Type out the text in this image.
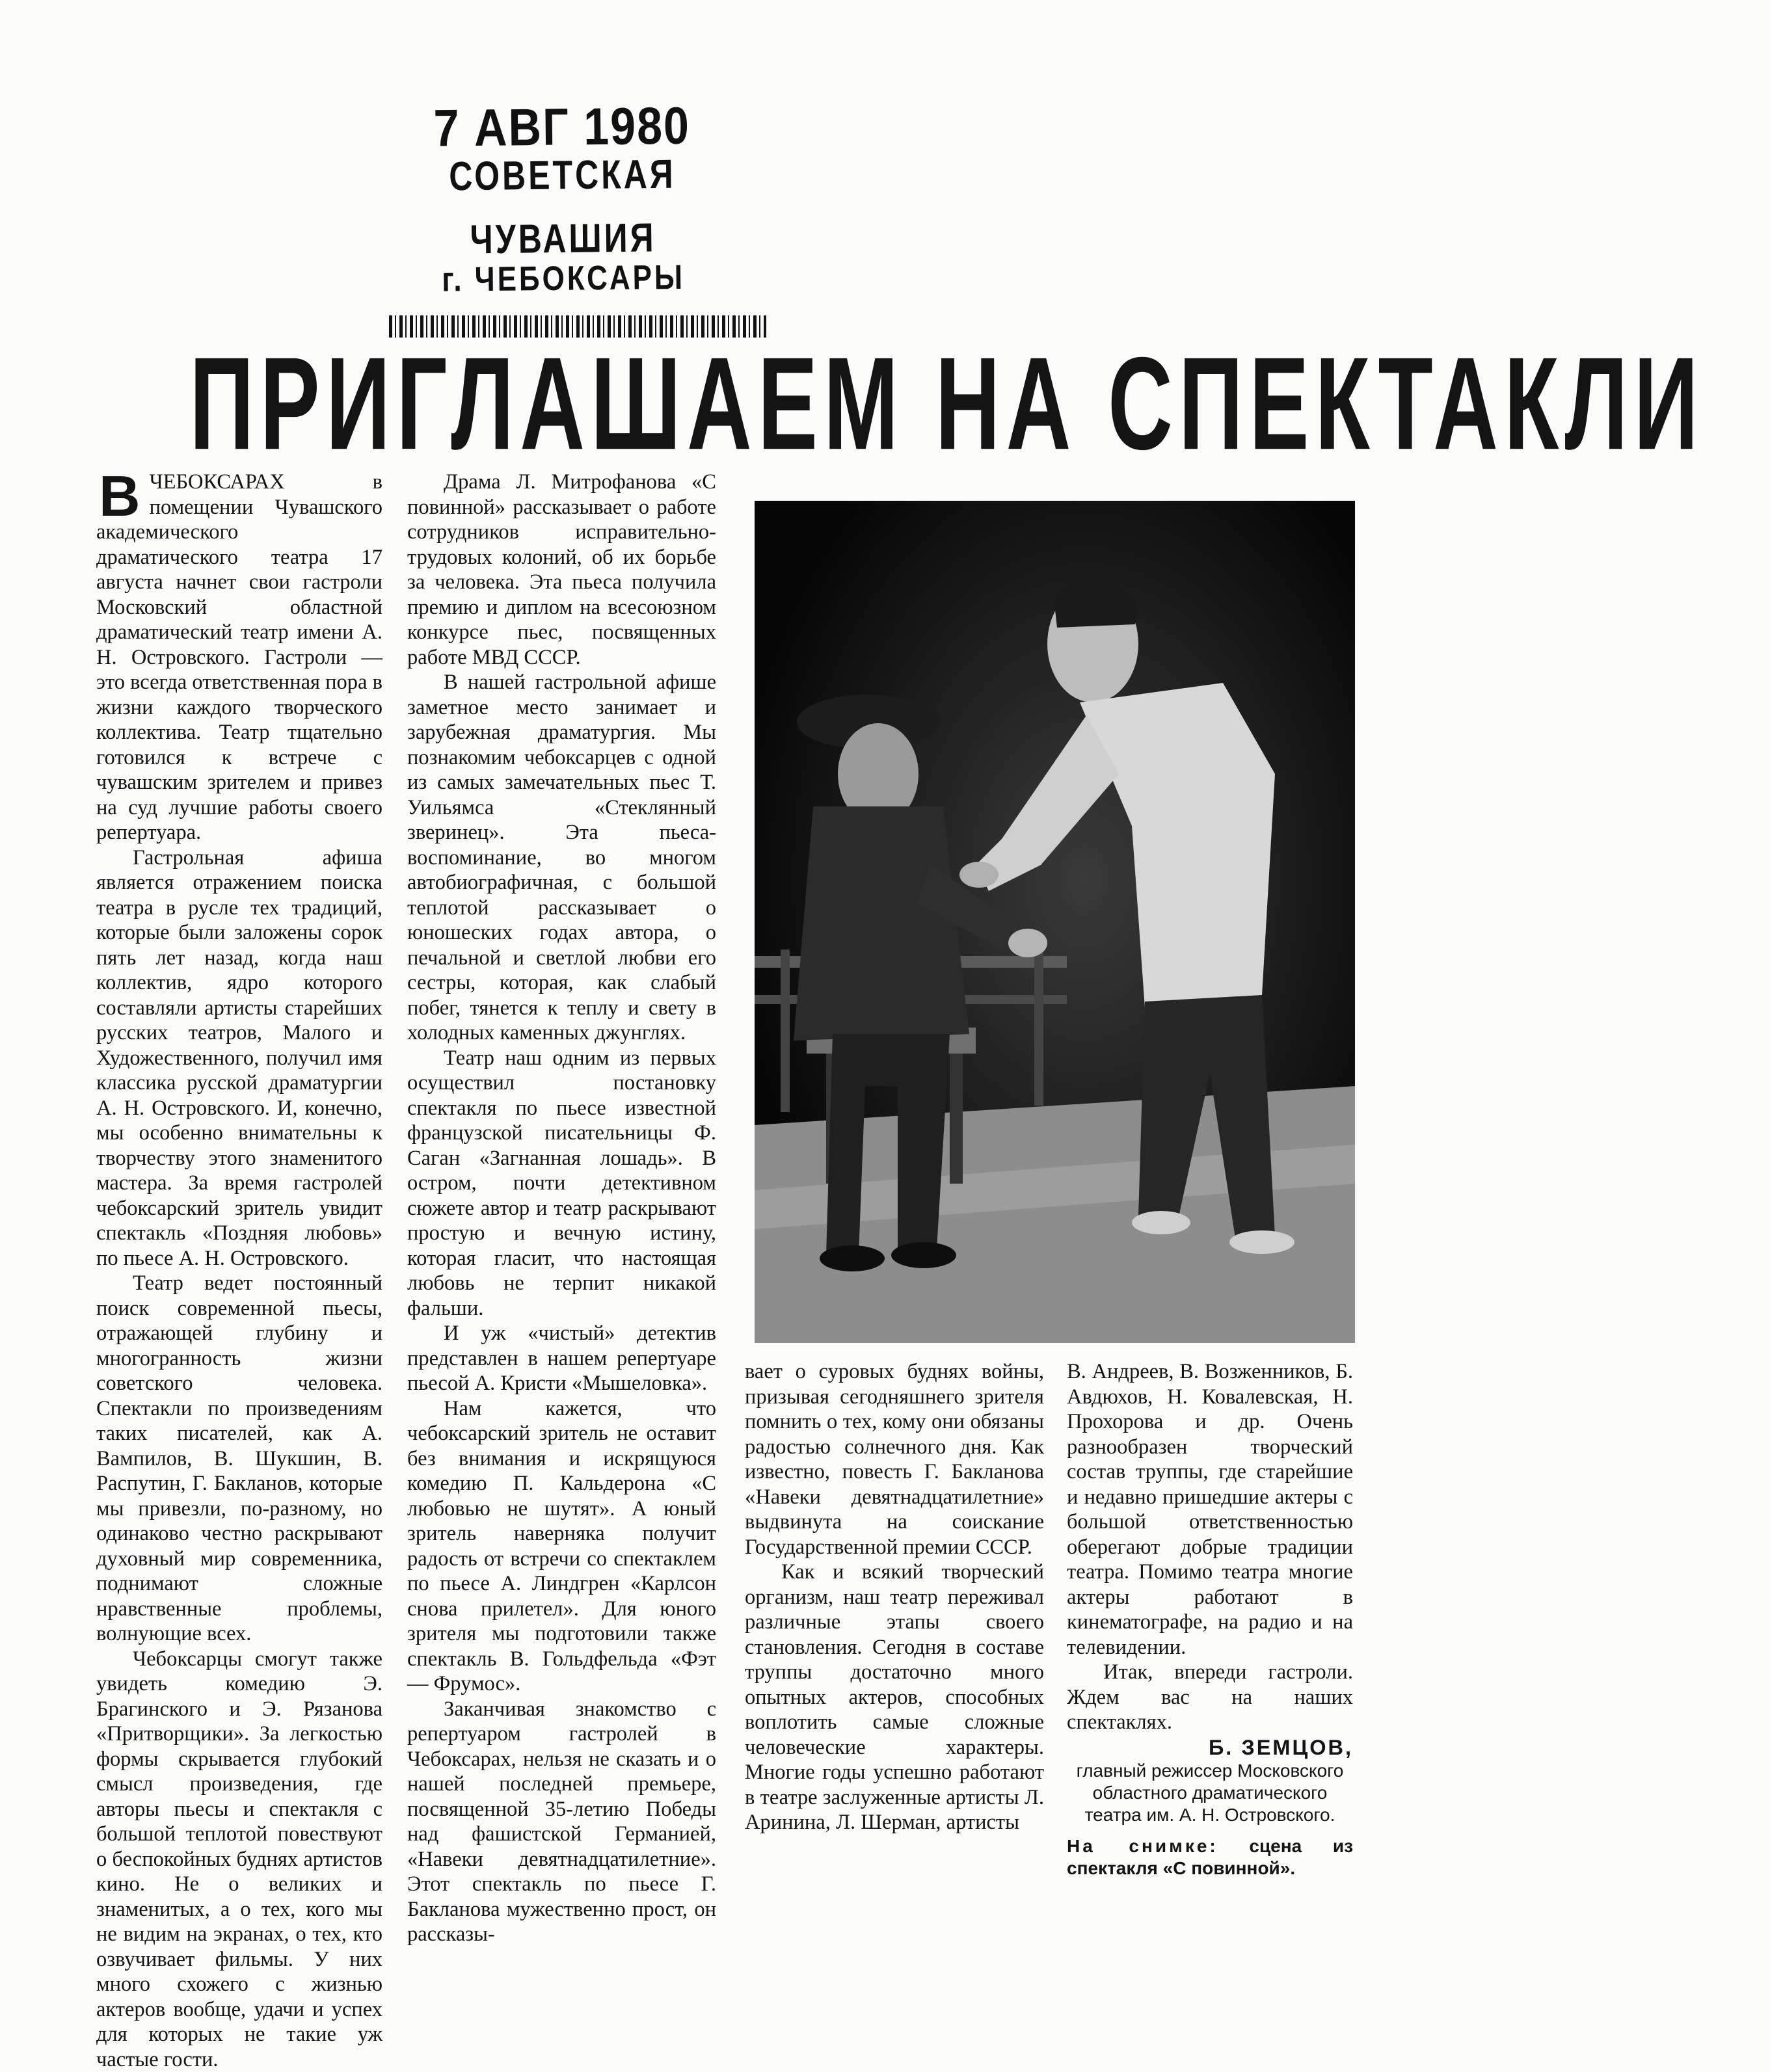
7 АВГ 1980
СОВЕТСКАЯ ЧУВАШИЯ
г. ЧЕБОКСАРЫ
ПРИГЛАШАЕМ НА СПЕКТАКЛИ

ВЧЕБОКСАРАХ в помещении Чувашского академического драматического театра 17 августа начнет свои гастроли Московский областной драматический театр имени А. Н. Островского. Гастроли — это всегда ответственная пора в жизни каждого творческого коллектива. Театр тщательно готовился к встрече с чувашским зрителем и привез на суд лучшие работы своего репертуара.

Гастрольная афиша является отражением поиска театра в русле тех традиций, которые были заложены сорок пять лет назад, когда наш коллектив, ядро которого составляли артисты старейших русских театров, Малого и Художественного, получил имя классика русской драматургии А. Н. Островского. И, конечно, мы особенно внимательны к творчеству этого знаменитого мастера. За время гастролей чебоксарский зритель увидит спектакль «Поздняя любовь» по пьесе А. Н. Островского.

Театр ведет постоянный поиск современной пьесы, отражающей глубину и многогранность жизни советского человека. Спектакли по произведениям таких писателей, как А. Вампилов, В. Шукшин, В. Распутин, Г. Бакланов, которые мы привезли, по-разному, но одинаково честно раскрывают духовный мир современника, поднимают сложные нравственные проблемы, волнующие всех.

Чебоксарцы смогут также увидеть комедию Э. Брагинского и Э. Рязанова «Притворщики». За легкостью формы скрывается глубокий смысл произведения, где авторы пьесы и спектакля с большой теплотой повествуют о беспокойных буднях артистов кино. Не о великих и знаменитых, а о тех, кого мы не видим на экранах, о тех, кто озвучивает фильмы. У них много схожего с жизнью актеров вообще, удачи и успех для которых не такие уж частые гости.

Драма Л. Митрофанова «С повинной» рассказывает о работе сотрудников исправительно-трудовых колоний, об их борьбе за человека. Эта пьеса получила премию и диплом на всесоюзном конкурсе пьес, посвященных работе МВД СССР.

В нашей гастрольной афише заметное место занимает и зарубежная драматургия. Мы познакомим чебоксарцев с одной из самых замечательных пьес Т. Уильямса «Стеклянный зверинец». Эта пьеса-воспоминание, во многом автобиографичная, с большой теплотой рассказывает о юношеских годах автора, о печальной и светлой любви его сестры, которая, как слабый побег, тянется к теплу и свету в холодных каменных джунглях.

Театр наш одним из первых осуществил постановку спектакля по пьесе известной французской писательницы Ф. Саган «Загнанная лошадь». В остром, почти детективном сюжете автор и театр раскрывают простую и вечную истину, которая гласит, что настоящая любовь не терпит никакой фальши.

И уж «чистый» детектив представлен в нашем репертуаре пьесой А. Кристи «Мышеловка».

Нам кажется, что чебоксарский зритель не оставит без внимания и искрящуюся комедию П. Кальдерона «С любовью не шутят». А юный зритель наверняка получит радость от встречи со спектаклем по пьесе А. Линдгрен «Карлсон снова прилетел». Для юного зрителя мы подготовили также спектакль В. Гольдфельда «Фэт — Фрумос».

Заканчивая знакомство с репертуаром гастролей в Чебоксарах, нельзя не сказать и о нашей последней премьере, посвященной 35-летию Победы над фашистской Германией, «Навеки девятнадцатилетние». Этот спектакль по пьесе Г. Бакланова мужественно прост, он рассказы-

вает о суровых буднях войны, призывая сегодняшнего зрителя помнить о тех, кому они обязаны радостью солнечного дня. Как известно, повесть Г. Бакланова «Навеки девятнадцатилетние» выдвинута на соискание Государственной премии СССР.

Как и всякий творческий организм, наш театр переживал различные этапы своего становления. Сегодня в составе труппы достаточно много опытных актеров, способных воплотить самые сложные человеческие характеры. Многие годы успешно работают в театре заслуженные артисты Л. Аринина, Л. Шерман, артисты

В. Андреев, В. Возженников, Б. Авдюхов, Н. Ковалевская, Н. Прохорова и др. Очень разнообразен творческий состав труппы, где старейшие и недавно пришедшие актеры с большой ответственностью оберегают добрые традиции театра. Помимо театра многие актеры работают в кинематографе, на радио и на телевидении.

Итак, впереди гастроли. Ждем вас на наших спектаклях.

Б. ЗЕМЦОВ,
главный режиссер Московского областного драматического театра им. А. Н. Островского.
На снимке: сцена из спектакля «С повинной».
